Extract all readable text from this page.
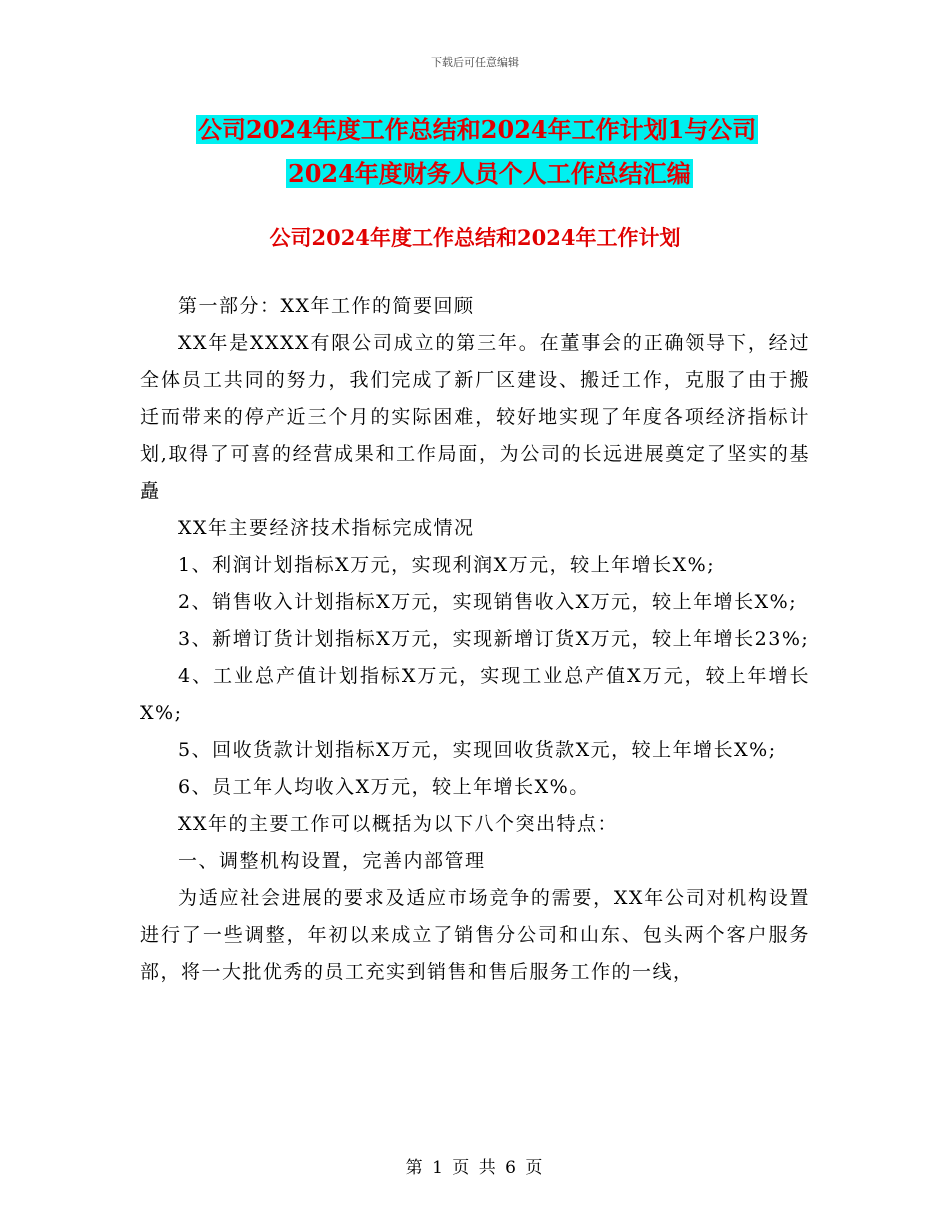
下载后可任意编辑
公司2024年度工作总结和2024年工作计划1与公司
2024年度财务人员个人工作总结汇编
公司2024年度工作总结和2024年工作计划

第一部分：XX年工作的简要回顾

XX年是XXXX有限公司成立的第三年。在董事会的正确领导下，经过全体员工共同的努力，我们完成了新厂区建设、搬迁工作，克服了由于搬迁而带来的停产近三个月的实际困难，较好地实现了年度各项经济指标计划,取得了可喜的经营成果和工作局面，为公司的长远进展奠定了坚实的基矗

XX年主要经济技术指标完成情况

1、利润计划指标X万元，实现利润X万元，较上年增长X%;

2、销售收入计划指标X万元，实现销售收入X万元，较上年增长X%;

3、新增订货计划指标X万元，实现新增订货X万元，较上年增长23%;

4、工业总产值计划指标X万元，实现工业总产值X万元，较上年增长X%;

5、回收货款计划指标X万元，实现回收货款X元，较上年增长X%;

6、员工年人均收入X万元，较上年增长X%。

XX年的主要工作可以概括为以下八个突出特点：

一、调整机构设置，完善内部管理

为适应社会进展的要求及适应市场竞争的需要，XX年公司对机构设置进行了一些调整，年初以来成立了销售分公司和山东、包头两个客户服务部，将一大批优秀的员工充实到销售和售后服务工作的一线，

第 1 页 共 6 页
